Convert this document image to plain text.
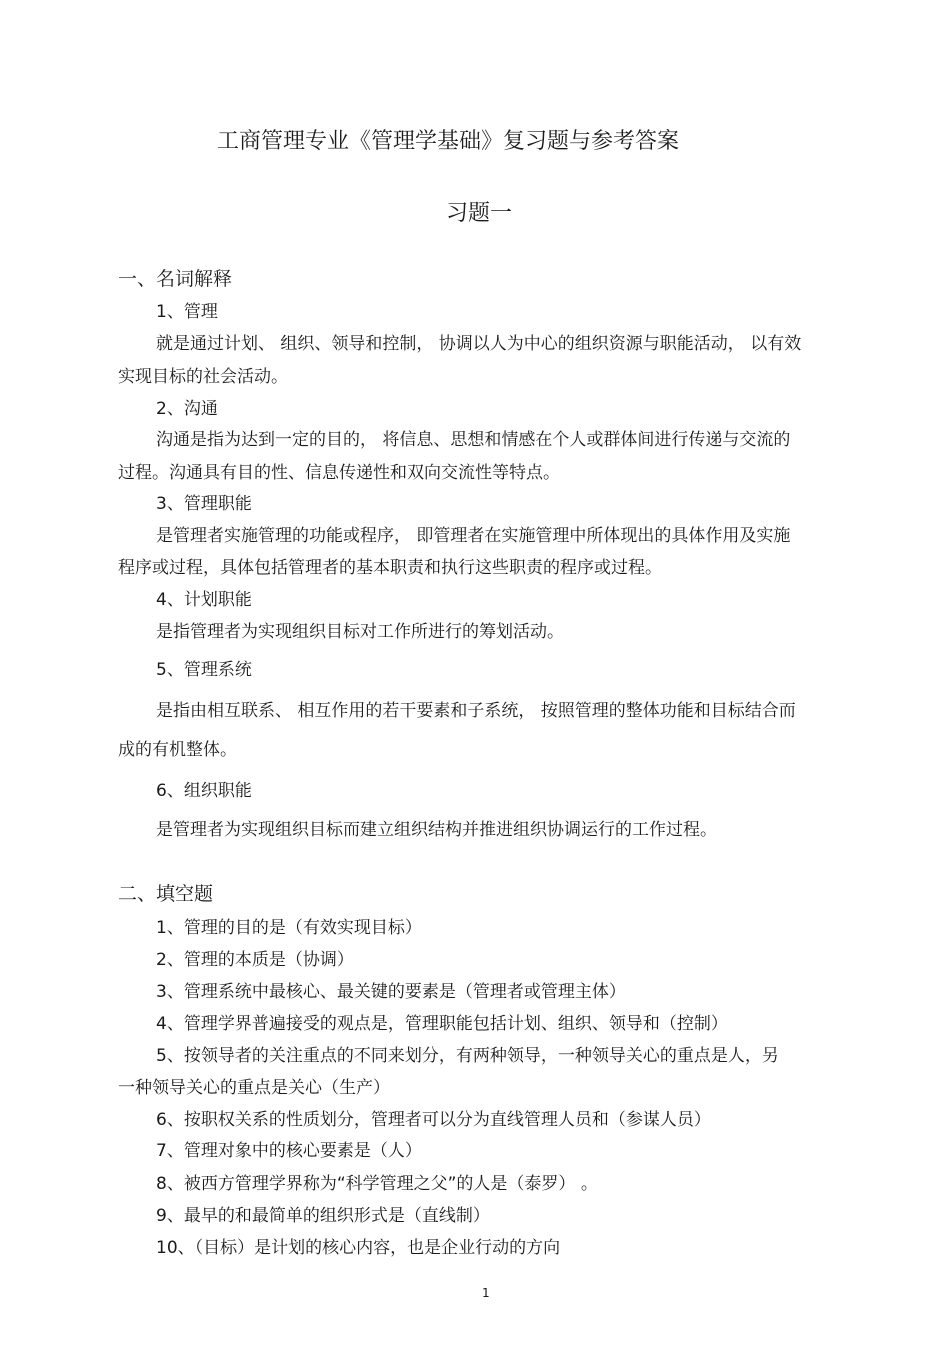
工商管理专业《管理学基础》复习题与参考答案
习题一
一、名词解释
1、管理
就是通过计划、 组织、领导和控制， 协调以人为中心的组织资源与职能活动， 以有效
实现目标的社会活动。
2、沟通
沟通是指为达到一定的目的， 将信息、思想和情感在个人或群体间进行传递与交流的
过程。沟通具有目的性、信息传递性和双向交流性等特点。
3、管理职能
是管理者实施管理的功能或程序， 即管理者在实施管理中所体现出的具体作用及实施
程序或过程，具体包括管理者的基本职责和执行这些职责的程序或过程。
4、计划职能
是指管理者为实现组织目标对工作所进行的筹划活动。
5、管理系统
是指由相互联系、 相互作用的若干要素和子系统， 按照管理的整体功能和目标结合而
成的有机整体。
6、组织职能
是管理者为实现组织目标而建立组织结构并推进组织协调运行的工作过程。
二、填空题
1、管理的目的是（有效实现目标）
2、管理的本质是（协调）
3、管理系统中最核心、最关键的要素是（管理者或管理主体）
4、管理学界普遍接受的观点是，管理职能包括计划、组织、领导和（控制）
5、按领导者的关注重点的不同来划分，有两种领导，一种领导关心的重点是人，另
一种领导关心的重点是关心（生产）
6、按职权关系的性质划分，管理者可以分为直线管理人员和（参谋人员）
7、管理对象中的核心要素是（人）
8、被西方管理学界称为“科学管理之父”的人是（泰罗） 。
9、最早的和最简单的组织形式是（直线制）
10、（目标）是计划的核心内容，也是企业行动的方向
1
